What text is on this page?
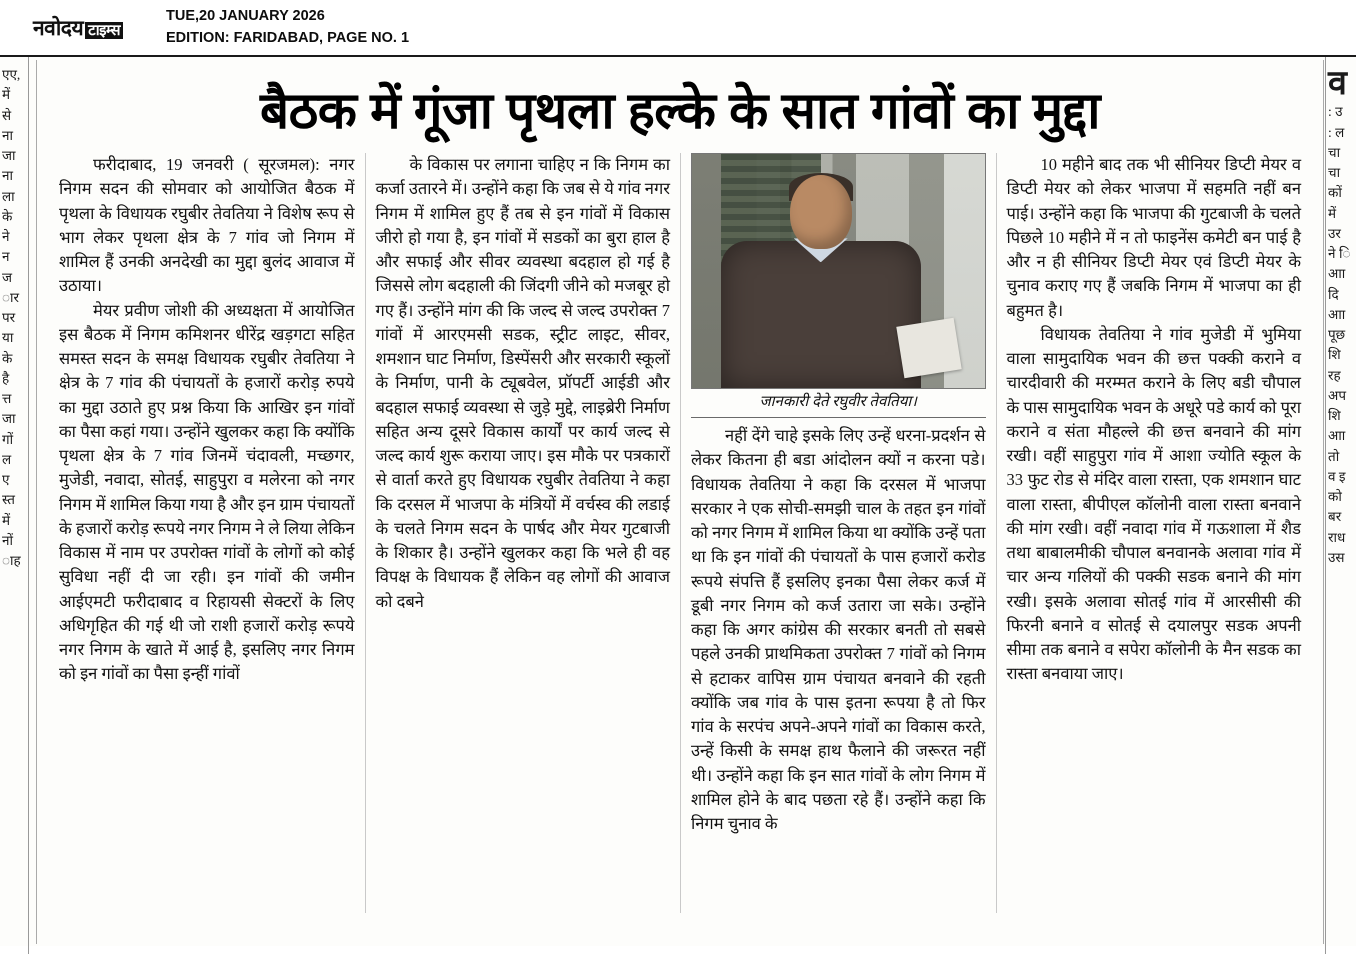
नवोदय टाइम्स
TUE,20 JANUARY 2026
EDITION: FARIDABAD, PAGE NO. 1
एए,
में
से
ना
जा
ना
ला
के
ने
न
ज
ार
पर
या
के
है
त्त
जा
गों
ल
ए
स्त
में
नों
ाह
व
: उ
: ल
चा
चा
कों
में
उर
ने ि
आा
दि
आा
पूछ
शि
रह
अप
शि
आा
तो
व इ
को
बर
राध
उस
बैठक में गूंजा पृथला हल्के के सात गांवों का मुद्दा

फरीदाबाद, 19 जनवरी ( सूरजमल): नगर निगम सदन की सोमवार को आयोजित बैठक में पृथला के विधायक रघुबीर तेवतिया ने विशेष रूप से भाग लेकर पृथला क्षेत्र के 7 गांव जो निगम में शामिल हैं उनकी अनदेखी का मुद्दा बुलंद आवाज में उठाया।

मेयर प्रवीण जोशी की अध्यक्षता में आयोजित इस बैठक में निगम कमिशनर धीरेंद्र खड़गटा सहित समस्त सदन के समक्ष विधायक रघुबीर तेवतिया ने क्षेत्र के 7 गांव की पंचायतों के हजारों करोड़ रुपये का मुद्दा उठाते हुए प्रश्न किया कि आखिर इन गांवों का पैसा कहां गया। उन्होंने खुलकर कहा कि क्योंकि पृथला क्षेत्र के 7 गांव जिनमें चंदावली, मच्छगर, मुजेडी, नवादा, सोतई, साहुपुरा व मलेरना को नगर निगम में शामिल किया गया है और इन ग्राम पंचायतों के हजारों करोड़ रूपये नगर निगम ने ले लिया लेकिन विकास में नाम पर उपरोक्त गांवों के लोगों को कोई सुविधा नहीं दी जा रही। इन गांवों की जमीन आईएमटी फरीदाबाद व रिहायसी सेक्टरों के लिए अधिगृहित की गई थी जो राशी हजारों करोड़ रूपये नगर निगम के खाते में आई है, इसलिए नगर निगम को इन गांवों का पैसा इन्हीं गांवों

के विकास पर लगाना चाहिए न कि निगम का कर्जा उतारने में। उन्होंने कहा कि जब से ये गांव नगर निगम में शामिल हुए हैं तब से इन गांवों में विकास जीरो हो गया है, इन गांवों में सडकों का बुरा हाल है और सफाई और सीवर व्यवस्था बदहाल हो गई है जिससे लोग बदहाली की जिंदगी जीने को मजबूर हो गए हैं। उन्होंने मांग की कि जल्द से जल्द उपरोक्त 7 गांवों में आरएमसी सडक, स्ट्रीट लाइट, सीवर, शमशान घाट निर्माण, डिस्पेंसरी और सरकारी स्कूलों के निर्माण, पानी के ट्यूबवेल, प्रॉपर्टी आईडी और बदहाल सफाई व्यवस्था से जुड़े मुद्दे, लाइब्रेरी निर्माण सहित अन्य दूसरे विकास कार्यों पर कार्य जल्द से जल्द कार्य शुरू कराया जाए। इस मौके पर पत्रकारों से वार्ता करते हुए विधायक रघुबीर तेवतिया ने कहा कि दरसल में भाजपा के मंत्रियों में वर्चस्व की लडाई के चलते निगम सदन के पार्षद और मेयर गुटबाजी के शिकार है। उन्होंने खुलकर कहा कि भले ही वह विपक्ष के विधायक हैं लेकिन वह लोगों की आवाज को दबने

जानकारी देते रघुवीर तेवतिया।

नहीं देंगे चाहे इसके लिए उन्हें धरना-प्रदर्शन से लेकर कितना ही बडा आंदोलन क्यों न करना पडे। विधायक तेवतिया ने कहा कि दरसल में भाजपा सरकार ने एक सोची-समझी चाल के तहत इन गांवों को नगर निगम में शामिल किया था क्योंकि उन्हें पता था कि इन गांवों की पंचायतों के पास हजारों करोड रूपये संपत्ति हैं इसलिए इनका पैसा लेकर कर्ज में डूबी नगर निगम को कर्ज उतारा जा सके। उन्होंने कहा कि अगर कांग्रेस की सरकार बनती तो सबसे पहले उनकी प्राथमिकता उपरोक्त 7 गांवों को निगम से हटाकर वापिस ग्राम पंचायत बनवाने की रहती क्योंकि जब गांव के पास इतना रूपया है तो फिर गांव के सरपंच अपने-अपने गांवों का विकास करते, उन्हें किसी के समक्ष हाथ फैलाने की जरूरत नहीं थी। उन्होंने कहा कि इन सात गांवों के लोग निगम में शामिल होने के बाद पछता रहे हैं। उन्होंने कहा कि निगम चुनाव के

10 महीने बाद तक भी सीनियर डिप्टी मेयर व डिप्टी मेयर को लेकर भाजपा में सहमति नहीं बन पाई। उन्होंने कहा कि भाजपा की गुटबाजी के चलते पिछले 10 महीने में न तो फाइनेंस कमेटी बन पाई है और न ही सीनियर डिप्टी मेयर एवं डिप्टी मेयर के चुनाव कराए गए हैं जबकि निगम में भाजपा का ही बहुमत है।

विधायक तेवतिया ने गांव मुजेडी में भुमिया वाला सामुदायिक भवन की छत्त पक्की कराने व चारदीवारी की मरम्मत कराने के लिए बडी चौपाल के पास सामुदायिक भवन के अधूरे पडे कार्य को पूरा कराने व संता मौहल्ले की छत्त बनवाने की मांग रखी। वहीं साहुपुरा गांव में आशा ज्योति स्कूल के 33 फुट रोड से मंदिर वाला रास्ता, एक शमशान घाट वाला रास्ता, बीपीएल कॉलोनी वाला रास्ता बनवाने की मांग रखी। वहीं नवादा गांव में गऊशाला में शैड तथा बाबालमीकी चौपाल बनवानके अलावा गांव में चार अन्य गलियों की पक्की सडक बनाने की मांग रखी। इसके अलावा सोतई गांव में आरसीसी की फिरनी बनाने व सोतई से दयालपुर सडक अपनी सीमा तक बनाने व सपेरा कॉलोनी के मैन सडक का रास्ता बनवाया जाए।
